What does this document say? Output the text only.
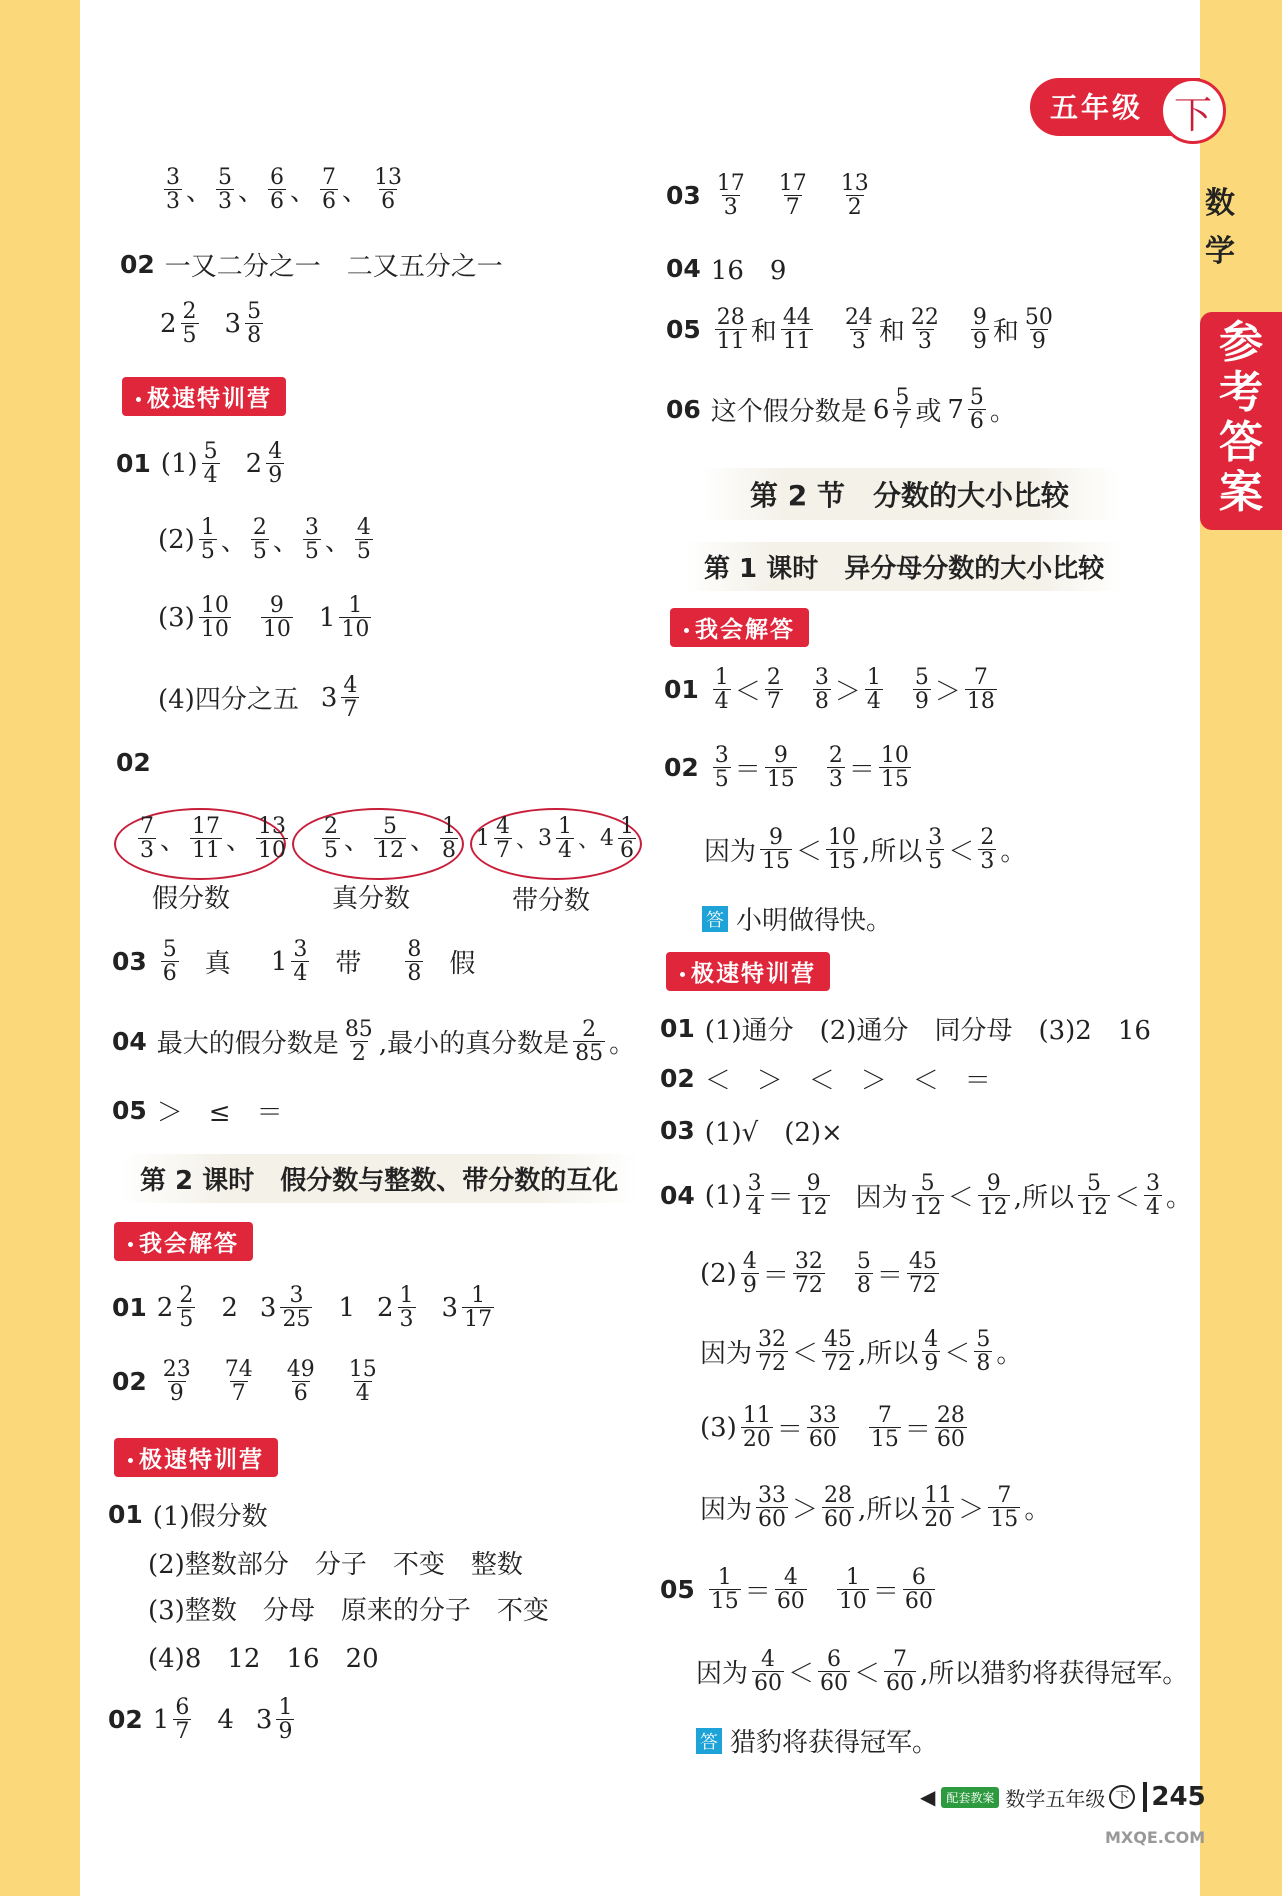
五年级 下
数
学
参考答案
$\frac{3}{3}$ 、 $\frac{5}{3}$ 、 $\frac{6}{6}$ 、 $\frac{7}{6}$ 、 $\frac{13}{6}$
02 一又二分之一　二又五分之一
$2 \frac{2}{5} 3 \frac{5}{8}$
极速特训营
01 $(1) \frac{5}{4} 2 \frac{4}{9}$
$(2) \frac{1}{5}$ 、 $\frac{2}{5}$ 、 $\frac{3}{5}$ 、 $\frac{4}{5}$
$(3) \frac{10}{10} \frac{9}{10} 1 \frac{1}{10}$
(4)四分之五 $3 \frac{4}{7}$
02
$\frac{7}{3}$ 、 $\frac{17}{11}$ 、 $\frac{13}{10} \frac{2}{5}$ 、 $\frac{5}{12}$ 、 $\frac{1}{8} 1 \frac{4}{7}$ 、 $3 \frac{1}{4}$ 、 $4 \frac{1}{6}$
假分数	真分数	带分数
$03 \frac{5}{6}$ 真 $1 \frac{3}{4}$ 带 $\frac{8}{8}$ 假
04 最大的假分数是 $\frac{85}{2}$ ,最小的真分数是 $\frac{2}{85}$ 。
05 ＞　≤　＝
第 2 课时　假分数与整数、带分数的互化
我会解答
01 $2 \frac{2}{5} 2$ $3 \frac{3}{25} 1$ $2 \frac{1}{3} 3 \frac{1}{17}$
$02 \frac{23}{9} \frac{74}{7} \frac{49}{6} \frac{15}{4}$
极速特训营
01 (1)假分数
(2)整数部分　分子　不变　整数
(3)整数　分母　原来的分子　不变
(4)8　12　16　20
02 $1 \frac{6}{7} 4$ $3 \frac{1}{9}$
$03 \frac{17}{3} \frac{17}{7} \frac{13}{2}$
04 16　9
$05 \frac{28}{11}$ 和 $\frac{44}{11} \frac{24}{3}$ 和 $\frac{22}{3} \frac{9}{9}$ 和 $\frac{50}{9}$
06 这个假分数是 $6 \frac{5}{7}$ 或 $7 \frac{5}{6}$ 。
第 2 节　分数的大小比较
第 1 课时　异分母分数的大小比较
我会解答
$01 \frac{1}{4} < \frac{2}{7} \frac{3}{8} > \frac{1}{4} \frac{5}{9} > \frac{7}{18}$
$02 \frac{3}{5} = \frac{9}{15} \frac{2}{3} = \frac{10}{15}$
因为 $\frac{9}{15} < \frac{10}{15}$ ,所以 $\frac{3}{5} < \frac{2}{3}$ 。
答 小明做得快。
极速特训营
01 (1)通分　(2)通分　同分母　(3)2　16
02 ＜　＞　＜　＞　＜　＝
03 (1)√　(2)×
04 $(1) \frac{3}{4} = \frac{9}{12}$ 因为 $\frac{5}{12} < \frac{9}{12}$ ,所以 $\frac{5}{12} < \frac{3}{4}$ 。
$(2) \frac{4}{9} = \frac{32}{72} \frac{5}{8} = \frac{45}{72}$
因为 $\frac{32}{72} < \frac{45}{72}$ ,所以 $\frac{4}{9} < \frac{5}{8}$ 。
$(3) \frac{11}{20} = \frac{33}{60} \frac{7}{15} = \frac{28}{60}$
因为 $\frac{33}{60} > \frac{28}{60}$ ,所以 $\frac{11}{20} > \frac{7}{15}$ 。
$05 \frac{1}{15} = \frac{4}{60} \frac{1}{10} = \frac{6}{60}$
因为 $\frac{4}{60} < \frac{6}{60} < \frac{7}{60}$ ,所以猎豹将获得冠军。
答 猎豹将获得冠军。
◀ 配套教案 数学五年级 下 245
MXQE.COM
